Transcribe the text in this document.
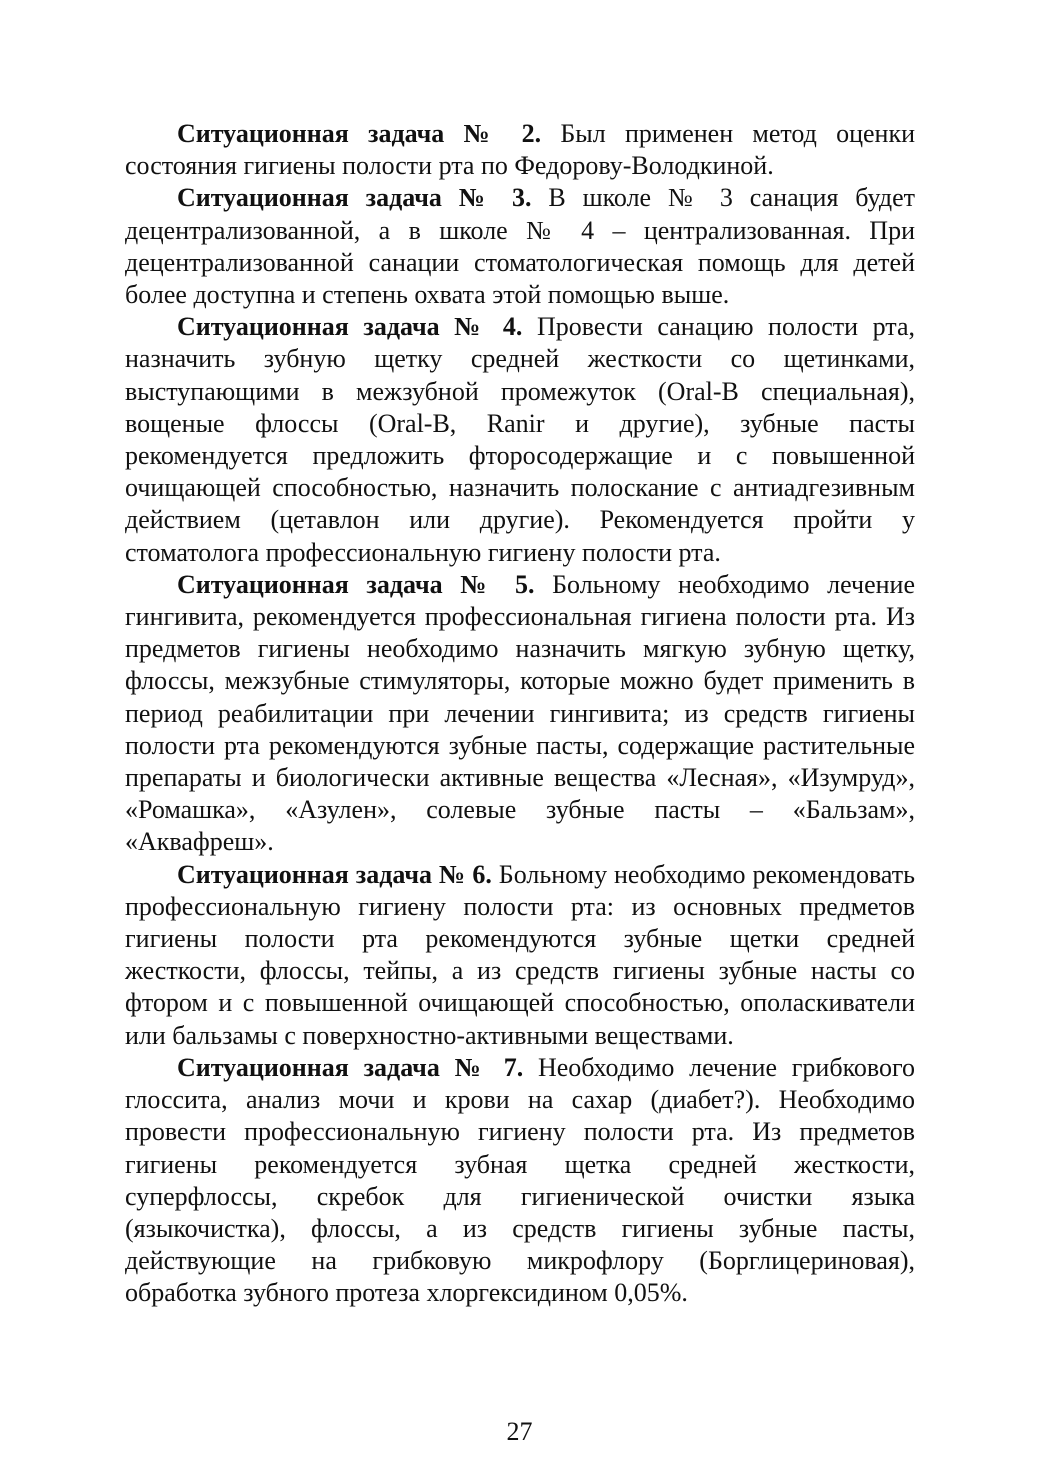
Ситуационная задача № 2. Был применен метод оценки состояния гигиены полости рта по Федорову-Володкиной.

Ситуационная задача № 3. В школе № 3 санация будет децентрализованной, а в школе № 4 – централизованная. При децентрализованной санации стоматологическая помощь для детей более доступна и степень охвата этой помощью выше.

Ситуационная задача № 4. Провести санацию полости рта, назначить зубную щетку средней жесткости со щетинками, выступающими в межзубной промежуток (Oral-B специальная), вощеные флоссы (Oral-B, Ranir и другие), зубные пасты рекомендуется предложить фторосодержащие и с повышенной очищающей способностью, назначить полоскание с антиадгезивным действием (цетавлон или другие). Рекомендуется пройти у стоматолога профессиональную гигиену полости рта.

Ситуационная задача № 5. Больному необходимо лечение гингивита, рекомендуется профессиональная гигиена полости рта. Из предметов гигиены необходимо назначить мягкую зубную щетку, флоссы, межзубные стимуляторы, которые можно будет применить в период реабилитации при лечении гингивита; из средств гигиены полости рта рекомендуются зубные пасты, содержащие растительные препараты и биологически активные вещества «Лесная», «Изумруд», «Ромашка», «Азулен», солевые зубные пасты – «Бальзам», «Аквафреш».

Ситуационная задача № 6. Больному необходимо рекомендовать профессиональную гигиену полости рта: из основных предметов гигиены полости рта рекомендуются зубные щетки средней жесткости, флоссы, тейпы, а из средств гигиены зубные насты со фтором и с повышенной очищающей способностью, ополаскиватели или бальзамы с поверхностно-активными веществами.

Ситуационная задача № 7. Необходимо лечение грибкового глоссита, анализ мочи и крови на сахар (диабет?). Необходимо провести профессиональную гигиену полости рта. Из предметов гигиены рекомендуется зубная щетка средней жесткости, суперфлоссы, скребок для гигиенической очистки языка (языкочистка), флоссы, а из средств гигиены зубные пасты, действующие на грибковую микрофлору (Борглицериновая), обработка зубного протеза хлоргексидином 0,05%.

27
